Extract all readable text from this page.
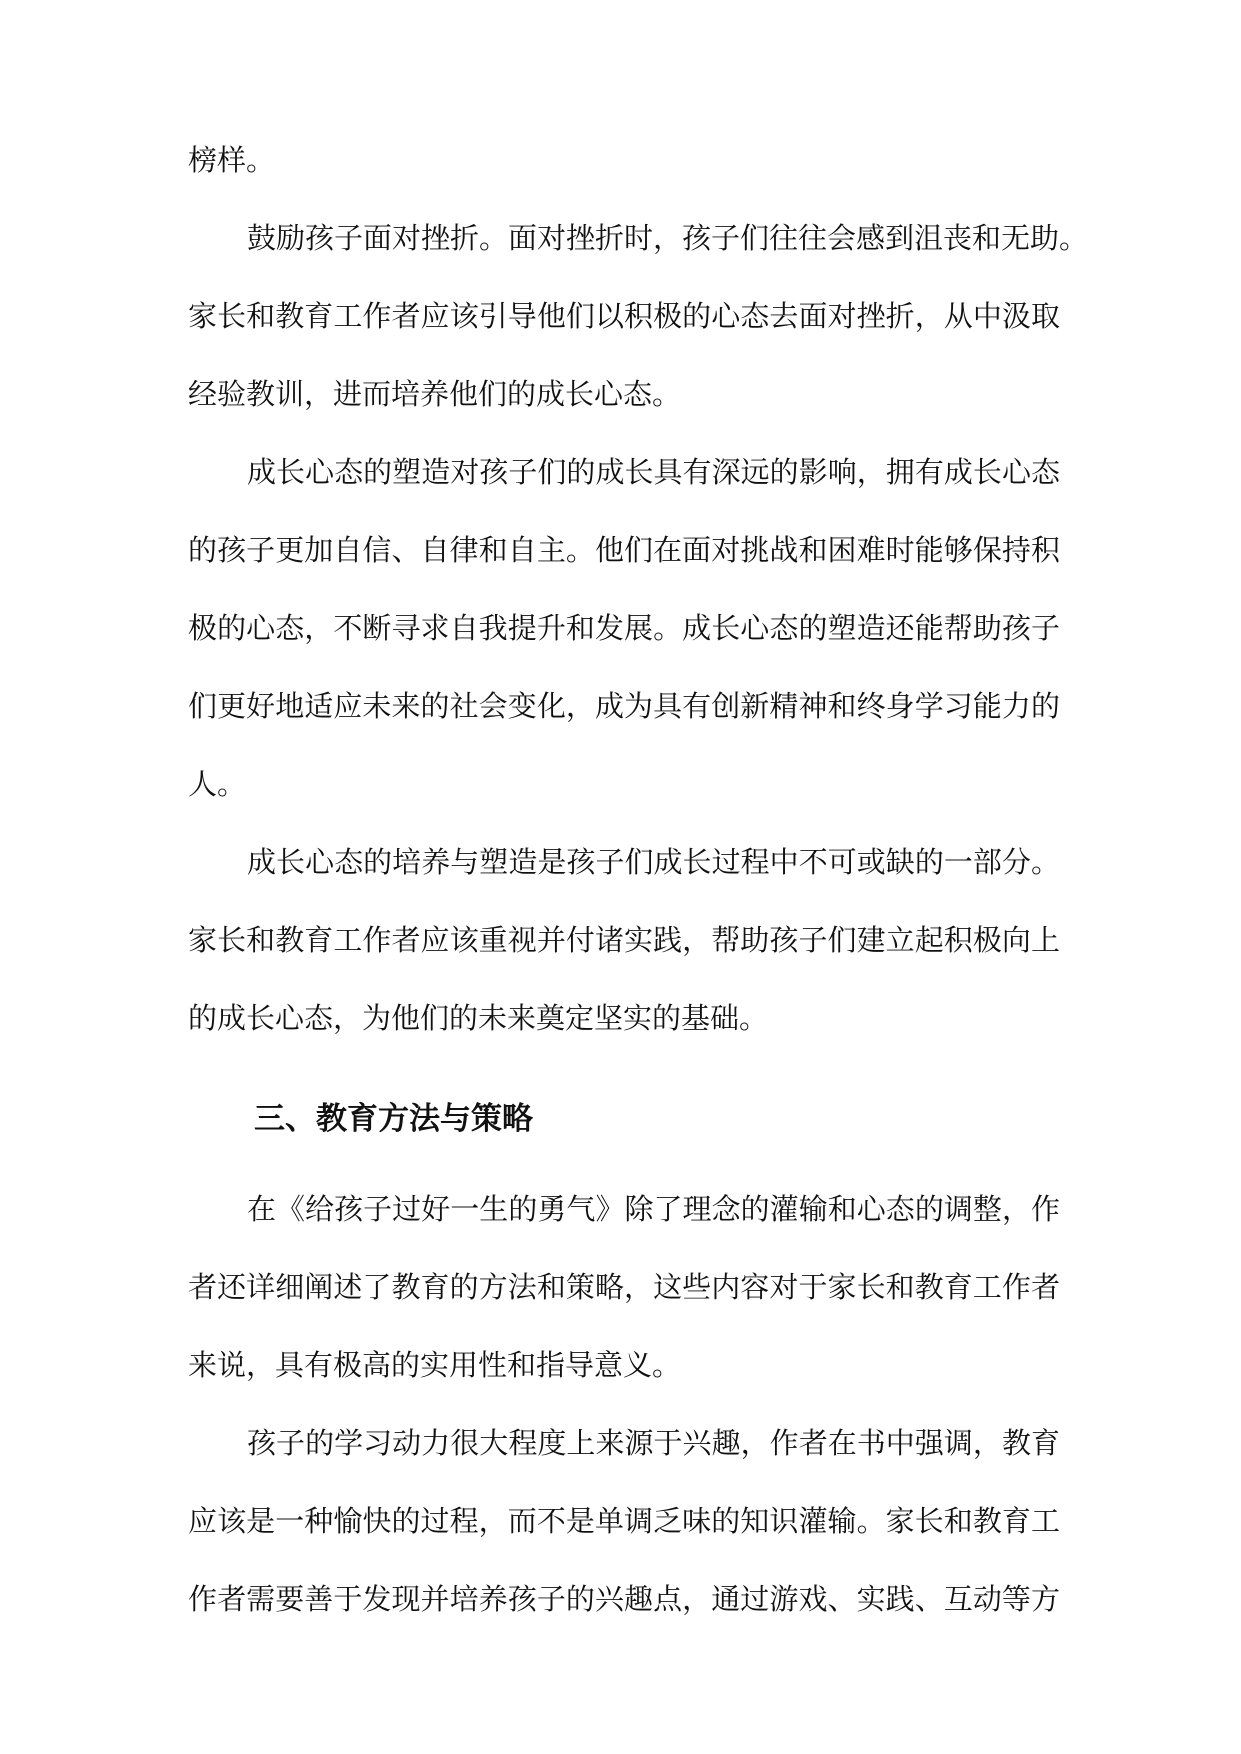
榜样。
鼓励孩子面对挫折。面对挫折时，孩子们往往会感到沮丧和无助。
家长和教育工作者应该引导他们以积极的心态去面对挫折，从中汲取
经验教训，进而培养他们的成长心态。
成长心态的塑造对孩子们的成长具有深远的影响，拥有成长心态
的孩子更加自信、自律和自主。他们在面对挑战和困难时能够保持积
极的心态，不断寻求自我提升和发展。成长心态的塑造还能帮助孩子
们更好地适应未来的社会变化，成为具有创新精神和终身学习能力的
人。
成长心态的培养与塑造是孩子们成长过程中不可或缺的一部分。
家长和教育工作者应该重视并付诸实践，帮助孩子们建立起积极向上
的成长心态，为他们的未来奠定坚实的基础。
三、教育方法与策略
在《给孩子过好一生的勇气》除了理念的灌输和心态的调整，作
者还详细阐述了教育的方法和策略，这些内容对于家长和教育工作者
来说，具有极高的实用性和指导意义。
孩子的学习动力很大程度上来源于兴趣，作者在书中强调，教育
应该是一种愉快的过程，而不是单调乏味的知识灌输。家长和教育工
作者需要善于发现并培养孩子的兴趣点，通过游戏、实践、互动等方
